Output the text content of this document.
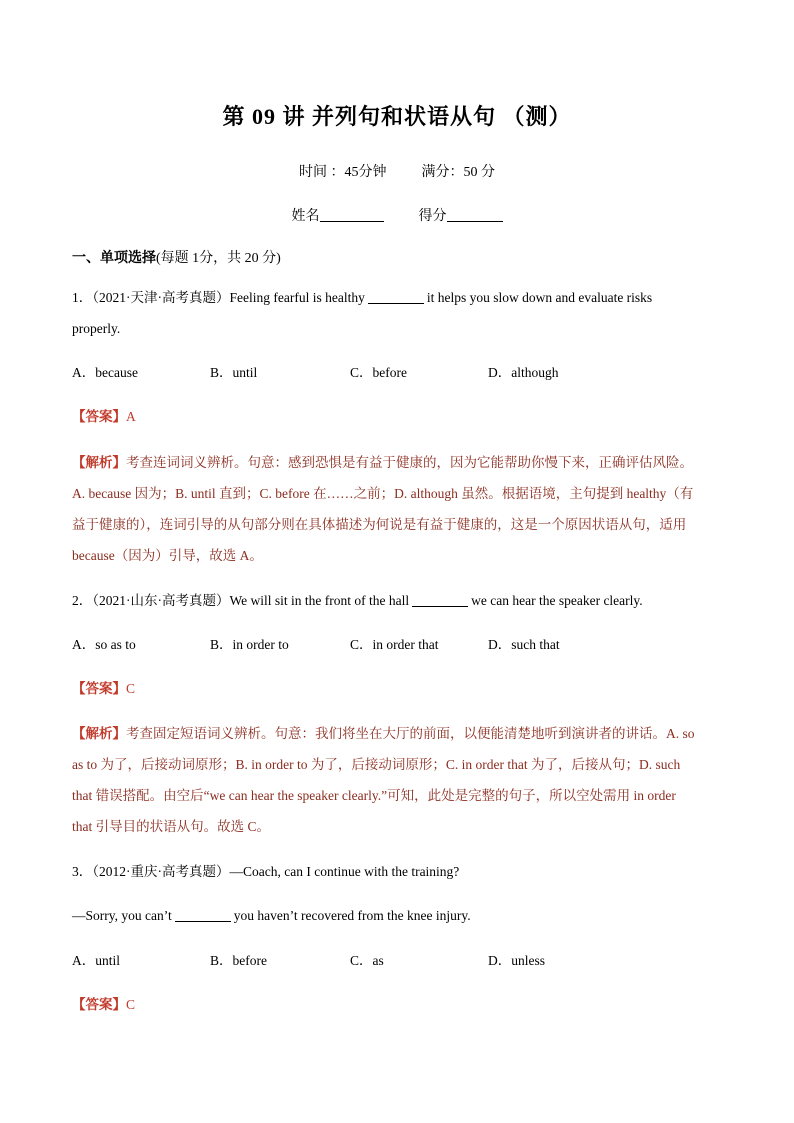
第 09 讲 并列句和状语从句 （测）
时间 ：45分钟	满分：50 分
姓名	得分
一、单项选择(每题 1分，共 20 分)
1．（2021·天津·高考真题）Feeling fearful is healthy	it helps you slow down and evaluate risks
properly.
A．because	B．until	C．before	D．although
【答案】A
【解析】考查连词词义辨析。句意：感到恐惧是有益于健康的，因为它能帮助你慢下来，正确评估风险。
A. because 因为；B. until 直到；C. before 在……之前；D. although 虽然。根据语境，主句提到 healthy（有
益于健康的），连词引导的从句部分则在具体描述为何说是有益于健康的，这是一个原因状语从句，适用
because（因为）引导，故选 A。
2．（2021·山东·高考真题）We will sit in the front of the hall	we can hear the speaker clearly.
A．so as to	B．in order to	C．in order that	D．such that
【答案】C
【解析】考查固定短语词义辨析。句意：我们将坐在大厅的前面，以便能清楚地听到演讲者的讲话。A. so
as to 为了，后接动词原形；B. in order to 为了，后接动词原形；C. in order that 为了，后接从句；D. such
that 错误搭配。由空后“we can hear the speaker clearly.”可知，此处是完整的句子，所以空处需用 in order
that 引导目的状语从句。故选 C。
3．（2012·重庆·高考真题）—Coach, can I continue with the training?
—Sorry, you can’t	you haven’t recovered from the knee injury.
A．until	B．before	C．as	D．unless
【答案】C
